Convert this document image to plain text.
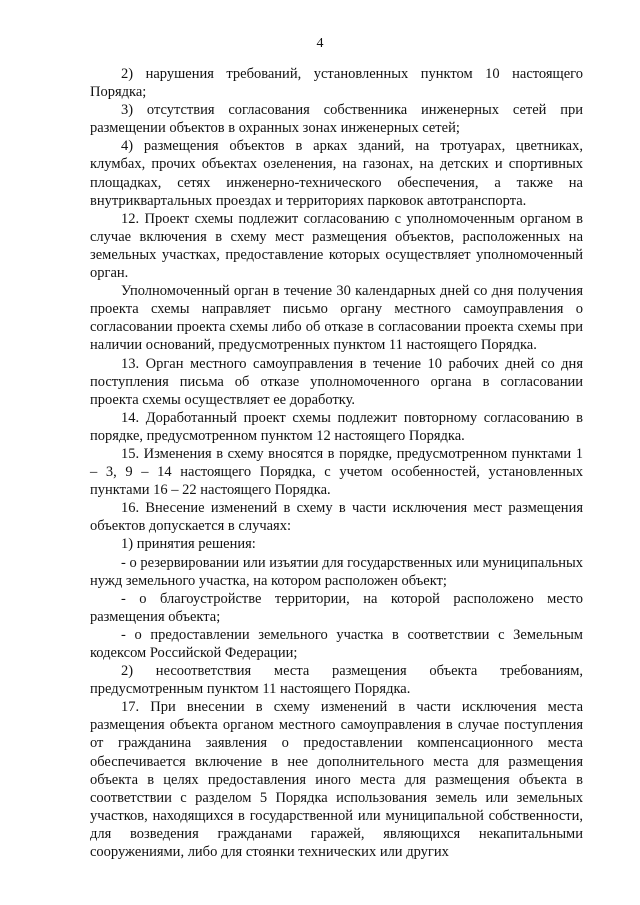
4

2) нарушения требований, установленных пунктом 10 настоящего Порядка;

3) отсутствия согласования собственника инженерных сетей при размещении объектов в охранных зонах инженерных сетей;

4) размещения объектов в арках зданий, на тротуарах, цветниках, клумбах, прочих объектах озеленения, на газонах, на детских и спортивных площадках, сетях инженерно-технического обеспечения, а также на внутриквартальных проездах и территориях парковок автотранспорта.

12. Проект схемы подлежит согласованию с уполномоченным органом в случае включения в схему мест размещения объектов, расположенных на земельных участках, предоставление которых осуществляет уполномоченный орган.

Уполномоченный орган в течение 30 календарных дней со дня получения проекта схемы направляет письмо органу местного самоуправления о согласовании проекта схемы либо об отказе в согласовании проекта схемы при наличии оснований, предусмотренных пунктом 11 настоящего Порядка.

13. Орган местного самоуправления в течение 10 рабочих дней со дня поступления письма об отказе уполномоченного органа в согласовании проекта схемы осуществляет ее доработку.

14. Доработанный проект схемы подлежит повторному согласованию в порядке, предусмотренном пунктом 12 настоящего Порядка.

15. Изменения в схему вносятся в порядке, предусмотренном пунктами 1 – 3, 9 – 14 настоящего Порядка, с учетом особенностей, установленных пунктами 16 – 22 настоящего Порядка.

16. Внесение изменений в схему в части исключения мест размещения объектов допускается в случаях:

1) принятия решения:

- о резервировании или изъятии для государственных или муниципальных нужд земельного участка, на котором расположен объект;

- о благоустройстве территории, на которой расположено место размещения объекта;

- о предоставлении земельного участка в соответствии с Земельным кодексом Российской Федерации;

2) несоответствия места размещения объекта требованиям, предусмотренным пунктом 11 настоящего Порядка.

17. При внесении в схему изменений в части исключения места размещения объекта органом местного самоуправления в случае поступления от гражданина заявления о предоставлении компенсационного места обеспечивается включение в нее дополнительного места для размещения объекта в целях предоставления иного места для размещения объекта в соответствии с разделом 5 Порядка использования земель или земельных участков, находящихся в государственной или муниципальной собственности, для возведения гражданами гаражей, являющихся некапитальными сооружениями, либо для стоянки технических или других
